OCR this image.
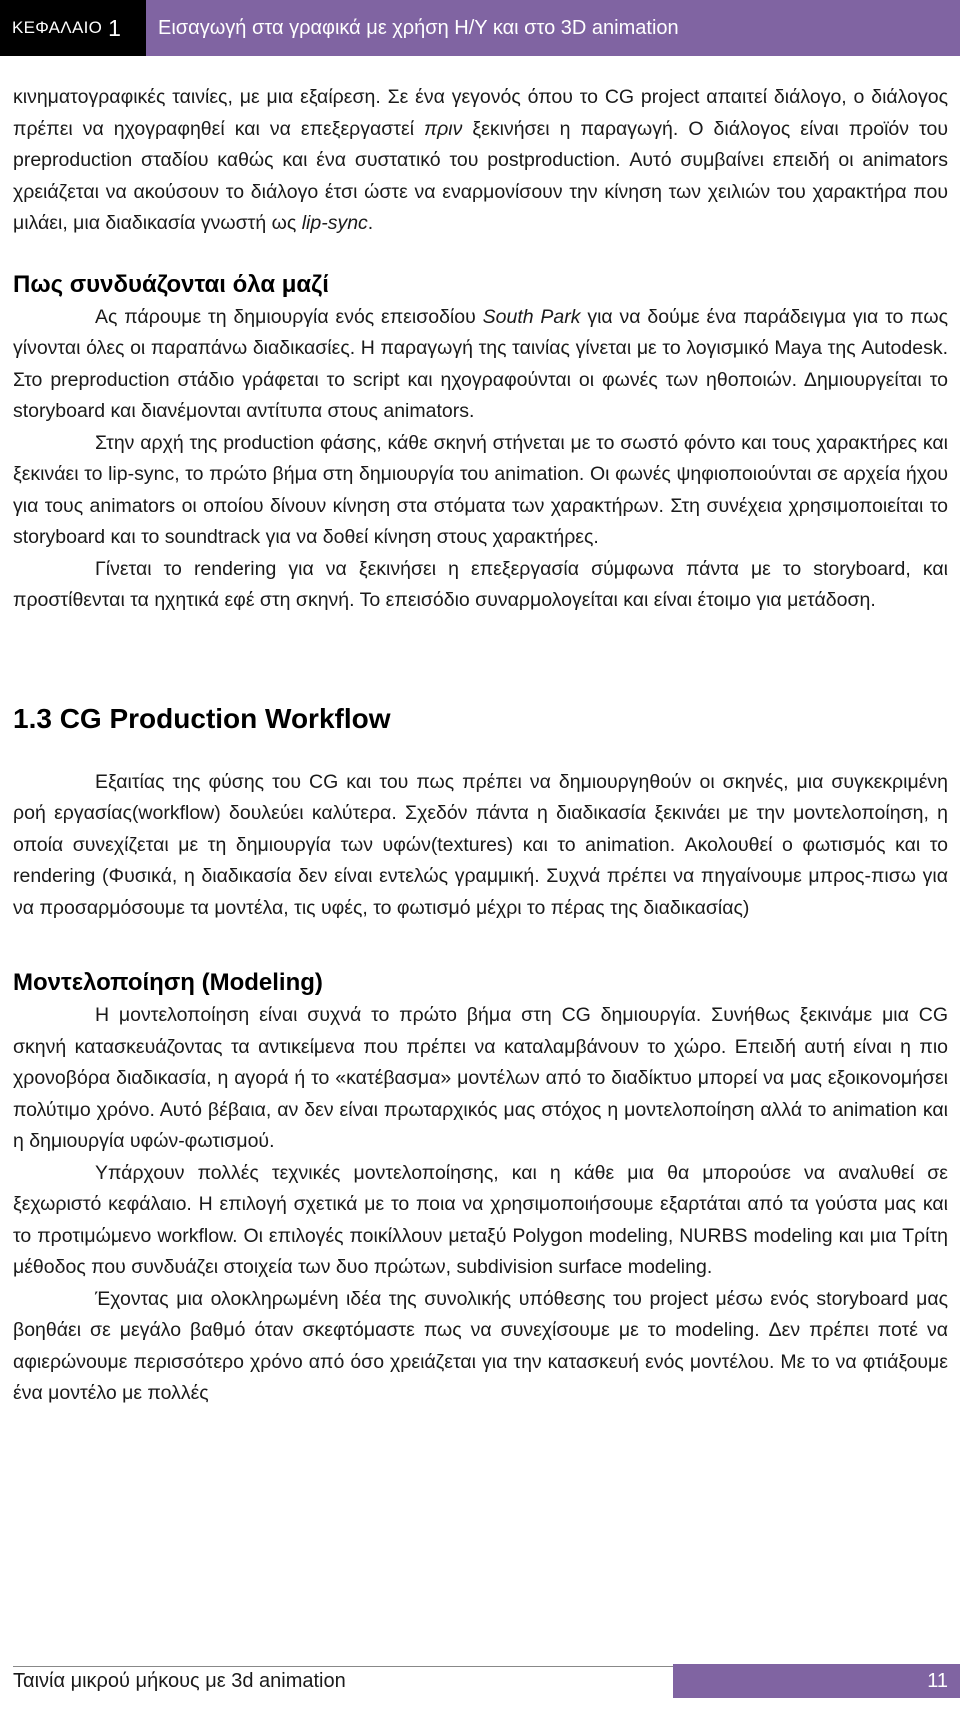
ΚΕΦΑΛΑΙΟ 1 Εισαγωγή στα γραφικά με χρήση Η/Υ και στο 3D animation

κινηματογραφικές ταινίες, με μια εξαίρεση. Σε ένα γεγονός όπου το CG project απαιτεί διάλογο, ο διάλογος πρέπει να ηχογραφηθεί και να επεξεργαστεί πριν ξεκινήσει η παραγωγή. Ο διάλογος είναι προϊόν του preproduction σταδίου καθώς και ένα συστατικό του postproduction. Αυτό συμβαίνει επειδή οι animators χρειάζεται να ακούσουν το διάλογο έτσι ώστε να εναρμονίσουν την κίνηση των χειλιών του χαρακτήρα που μιλάει, μια διαδικασία γνωστή ως lip-sync.

Πως συνδυάζονται όλα μαζί

Ας πάρουμε τη δημιουργία ενός επεισοδίου South Park για να δούμε ένα παράδειγμα για το πως γίνονται όλες οι παραπάνω διαδικασίες. Η παραγωγή της ταινίας γίνεται με το λογισμικό Maya της Autodesk. Στο preproduction στάδιο γράφεται το script και ηχογραφούνται οι φωνές των ηθοποιών. Δημιουργείται το storyboard και διανέμονται αντίτυπα στους animators.

Στην αρχή της production φάσης, κάθε σκηνή στήνεται με το σωστό φόντο και τους χαρακτήρες και ξεκινάει το lip-sync, το πρώτο βήμα στη δημιουργία του animation. Οι φωνές ψηφιοποιούνται σε αρχεία ήχου για τους animators οι οποίου δίνουν κίνηση στα στόματα των χαρακτήρων. Στη συνέχεια χρησιμοποιείται το storyboard και το soundtrack για να δοθεί κίνηση στους χαρακτήρες.

Γίνεται το rendering για να ξεκινήσει η επεξεργασία σύμφωνα πάντα με το storyboard, και προστίθενται τα ηχητικά εφέ στη σκηνή. Το επεισόδιο συναρμολογείται και είναι έτοιμο για μετάδοση.

1.3 CG Production Workflow

Εξαιτίας της φύσης του CG και του πως πρέπει να δημιουργηθούν οι σκηνές, μια συγκεκριμένη ροή εργασίας(workflow) δουλεύει καλύτερα. Σχεδόν πάντα η διαδικασία ξεκινάει με την μοντελοποίηση, η οποία συνεχίζεται με τη δημιουργία των υφών(textures) και το animation. Ακολουθεί ο φωτισμός και το rendering (Φυσικά, η διαδικασία δεν είναι εντελώς γραμμική. Συχνά πρέπει να πηγαίνουμε μπρος-πισω για να προσαρμόσουμε τα μοντέλα, τις υφές, το φωτισμό μέχρι το πέρας της διαδικασίας)

Μοντελοποίηση (Modeling)

Η μοντελοποίηση είναι συχνά το πρώτο βήμα στη CG δημιουργία. Συνήθως ξεκινάμε μια CG σκηνή κατασκευάζοντας τα αντικείμενα που πρέπει να καταλαμβάνουν το χώρο. Επειδή αυτή είναι η πιο χρονοβόρα διαδικασία, η αγορά ή το «κατέβασμα» μοντέλων από το διαδίκτυο μπορεί να μας εξοικονομήσει πολύτιμο χρόνο. Αυτό βέβαια, αν δεν είναι πρωταρχικός μας στόχος η μοντελοποίηση αλλά το animation και η δημιουργία υφών-φωτισμού.

Υπάρχουν πολλές τεχνικές μοντελοποίησης, και η κάθε μια θα μπορούσε να αναλυθεί σε ξεχωριστό κεφάλαιο. Η επιλογή σχετικά με το ποια να χρησιμοποιήσουμε εξαρτάται από τα γούστα μας και το προτιμώμενο workflow. Οι επιλογές ποικίλλουν μεταξύ Polygon modeling, NURBS modeling και μια Τρίτη μέθοδος που συνδυάζει στοιχεία των δυο πρώτων, subdivision surface modeling.

Έχοντας μια ολοκληρωμένη ιδέα της συνολικής υπόθεσης του project μέσω ενός storyboard μας βοηθάει σε μεγάλο βαθμό όταν σκεφτόμαστε πως να συνεχίσουμε με το modeling. Δεν πρέπει ποτέ να αφιερώνουμε περισσότερο χρόνο από όσο χρειάζεται για την κατασκευή ενός μοντέλου. Με το να φτιάξουμε ένα μοντέλο με πολλές

Ταινία μικρού μήκους με 3d animation	11
